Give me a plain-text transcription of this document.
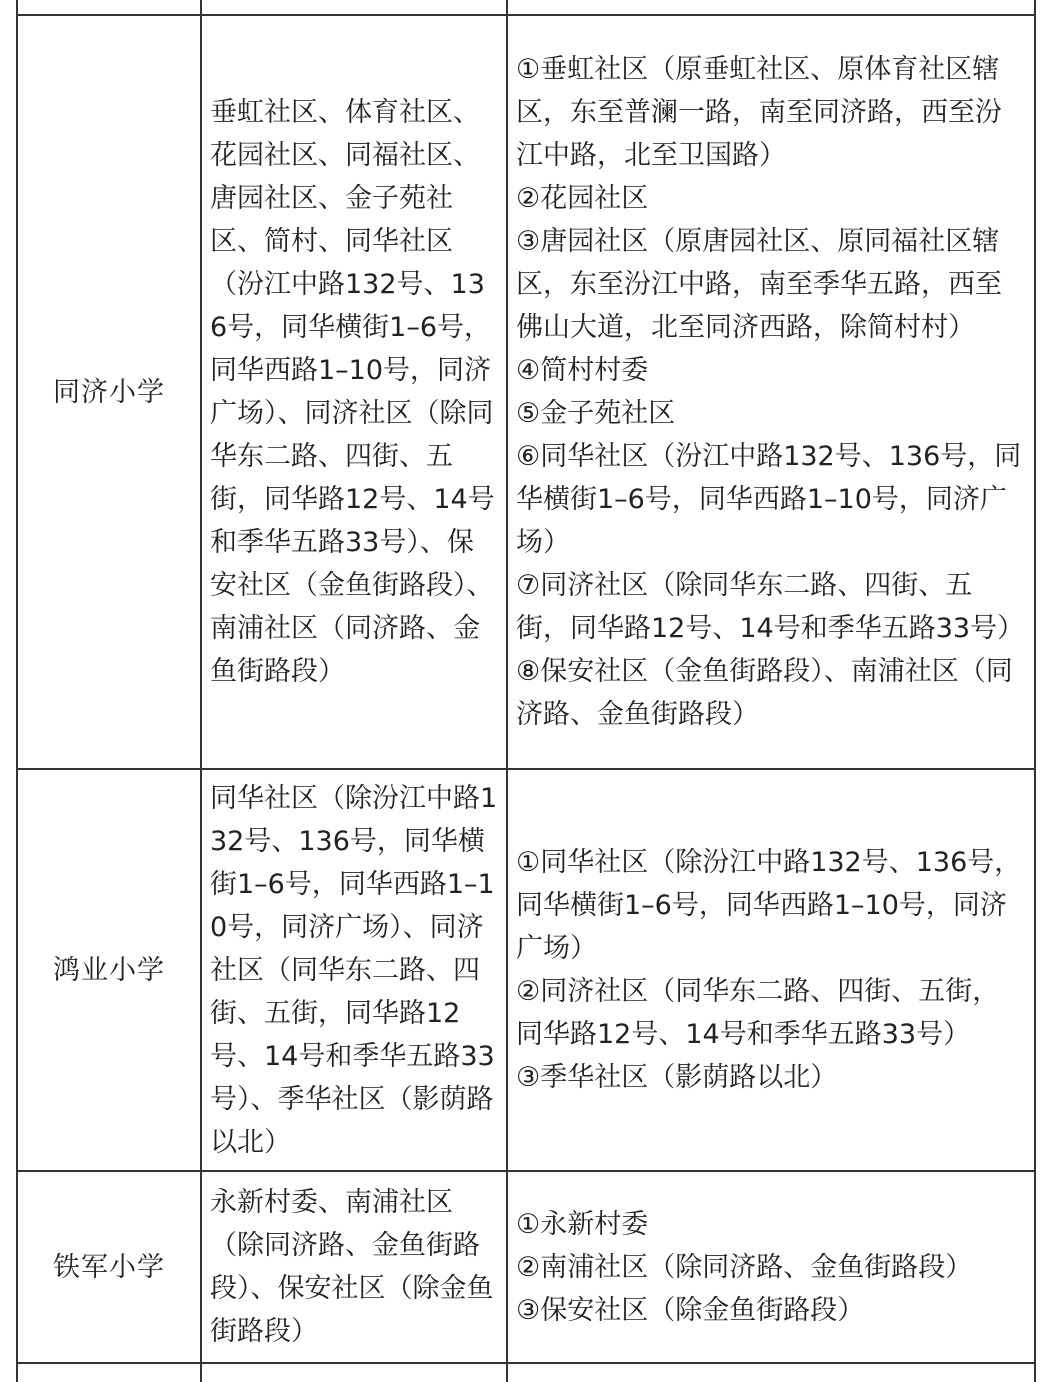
同济小学
垂虹社区、体育社区、花园社区、同福社区、唐园社区、金子苑社区、简村、同华社区（汾江中路132号、136号，同华横街1–6号，同华西路1–10号，同济广场）、同济社区（除同华东二路、四街、五街，同华路12号、14号和季华五路33号）、保安社区（金鱼街路段）、南浦社区（同济路、金鱼街路段）
①垂虹社区（原垂虹社区、原体育社区辖区，东至普澜一路，南至同济路，西至汾江中路，北至卫国路）
②花园社区
③唐园社区（原唐园社区、原同福社区辖区，东至汾江中路，南至季华五路，西至佛山大道，北至同济西路，除简村村）
④简村村委
⑤金子苑社区
⑥同华社区（汾江中路132号、136号，同华横街1–6号，同华西路1–10号，同济广场）
⑦同济社区（除同华东二路、四街、五街，同华路12号、14号和季华五路33号）
⑧保安社区（金鱼街路段）、南浦社区（同济路、金鱼街路段）
鸿业小学
同华社区（除汾江中路132号、136号，同华横街1–6号，同华西路1–10号，同济广场）、同济社区（同华东二路、四街、五街，同华路12号、14号和季华五路33号）、季华社区（影荫路以北）
①同华社区（除汾江中路132号、136号，同华横街1–6号，同华西路1–10号，同济广场）
②同济社区（同华东二路、四街、五街，同华路12号、14号和季华五路33号）
③季华社区（影荫路以北）
铁军小学
永新村委、南浦社区（除同济路、金鱼街路段）、保安社区（除金鱼街路段）
①永新村委
②南浦社区（除同济路、金鱼街路段）
③保安社区（除金鱼街路段）
